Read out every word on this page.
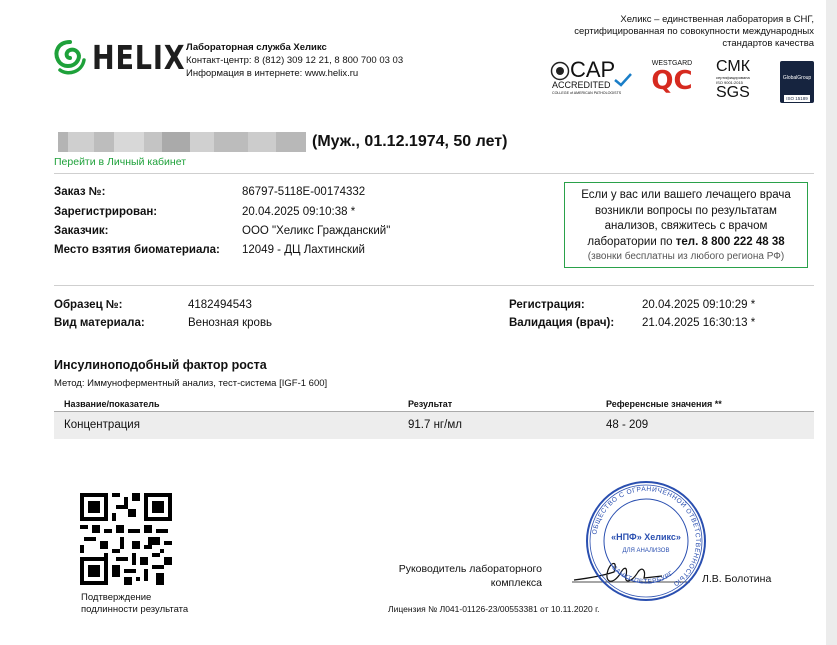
HELIX Лабораторная служба Хеликс
Контакт-центр: 8 (812) 309 12 21, 8 800 700 03 03
Информация в интернете: www.helix.ru
Хеликс – единственная лаборатория в СНГ,
сертифицированная по совокупности международных
стандартов качества
CAP
ACCREDITED
COLLEGE of AMERICAN PATHOLOGISTS
WESTGARD
QC СМК
сертифицирована
ISO 9001:2015
SGS
GlobalGroup
ISO 15189
(Муж., 01.12.1974, 50 лет)
Перейти в Личный кабинет
Заказ №:	86797-5118E-00174332
Зарегистрирован:	20.04.2025 09:10:38 *
Заказчик:	ООО "Хеликс Гражданский"
Место взятия биоматериала: 12049 - ДЦ Лахтинский
Если у вас или вашего лечащего врача
возникли вопросы по результатам
анализов, свяжитесь с врачом
лаборатории по тел. 8 800 222 48 38
(звонки бесплатны из любого региона РФ)
Образец №:	4182494543
Вид материала:	Венозная кровь
Регистрация:	20.04.2025 09:10:29 *
Валидация (врач): 21.04.2025 16:30:13 *
Инсулиноподобный фактор роста
Метод: Иммуноферментный анализ, тест-система [IGF-1 600]
Название/показатель	Результат	Референсные значения **
Концентрация	91.7 нг/мл	48 - 209
Подтверждение
подлинности результата
Руководитель лабораторного
комплекса	Л.В. Болотина
Лицензия № Л041-01126-23/00553381 от 10.11.2020 г.
ОБЩЕСТВО С ОГРАНИЧЕННОЙ ОТВЕТСТВЕННОСТЬЮ
«НПФ» Хеликс»
ДЛЯ АНАЛИЗОВ
САНКТ-ПЕТЕРБУРГ
